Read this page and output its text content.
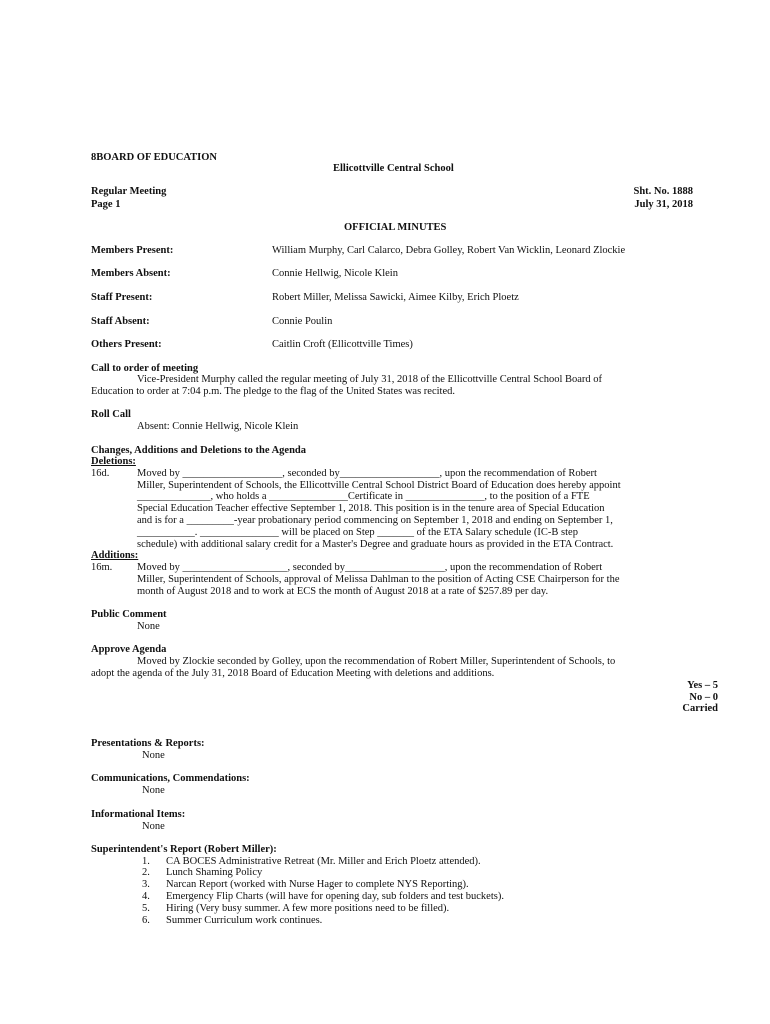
8BOARD OF EDUCATION
Ellicottville Central School
Regular Meeting
Page 1
Sht. No. 1888
July 31, 2018
OFFICIAL MINUTES
Members Present:	William Murphy, Carl Calarco, Debra Golley, Robert Van Wicklin, Leonard Zlockie
Members Absent:	Connie Hellwig, Nicole Klein
Staff Present:	Robert Miller, Melissa Sawicki, Aimee Kilby, Erich Ploetz
Staff Absent:	Connie Poulin
Others Present:	Caitlin Croft (Ellicottville Times)
Call to order of meeting
Vice-President Murphy called the regular meeting of July 31, 2018 of the Ellicottville Central School Board of
Education to order at 7:04 p.m. The pledge to the flag of the United States was recited.
Roll Call
Absent: Connie Hellwig, Nicole Klein
Changes, Additions and Deletions to the Agenda
Deletions:
16d.	Moved by ___________________, seconded by___________________, upon the recommendation of Robert
Miller, Superintendent of Schools, the Ellicottville Central School District Board of Education does hereby appoint
______________, who holds a _______________Certificate in _______________, to the position of a FTE
Special Education Teacher effective September 1, 2018. This position is in the tenure area of Special Education
and is for a _________-year probationary period commencing on September 1, 2018 and ending on September 1,
___________. _______________ will be placed on Step _______ of the ETA Salary schedule (IC-B step
schedule) with additional salary credit for a Master's Degree and graduate hours as provided in the ETA Contract.
Additions:
16m. Moved by ____________________, seconded by___________________, upon the recommendation of Robert
Miller, Superintendent of Schools, approval of Melissa Dahlman to the position of Acting CSE Chairperson for the
month of August 2018 and to work at ECS the month of August 2018 at a rate of $257.89 per day.
Public Comment
None
Approve Agenda
Moved by Zlockie seconded by Golley, upon the recommendation of Robert Miller, Superintendent of Schools, to
adopt the agenda of the July 31, 2018 Board of Education Meeting with deletions and additions.
Yes – 5
No – 0
Carried
Presentations & Reports:
None
Communications, Commendations:
None
Informational Items:
None
Superintendent's Report (Robert Miller):
1. CA BOCES Administrative Retreat (Mr. Miller and Erich Ploetz attended).
2. Lunch Shaming Policy
3. Narcan Report (worked with Nurse Hager to complete NYS Reporting).
4. Emergency Flip Charts (will have for opening day, sub folders and test buckets).
5. Hiring (Very busy summer. A few more positions need to be filled).
6. Summer Curriculum work continues.
